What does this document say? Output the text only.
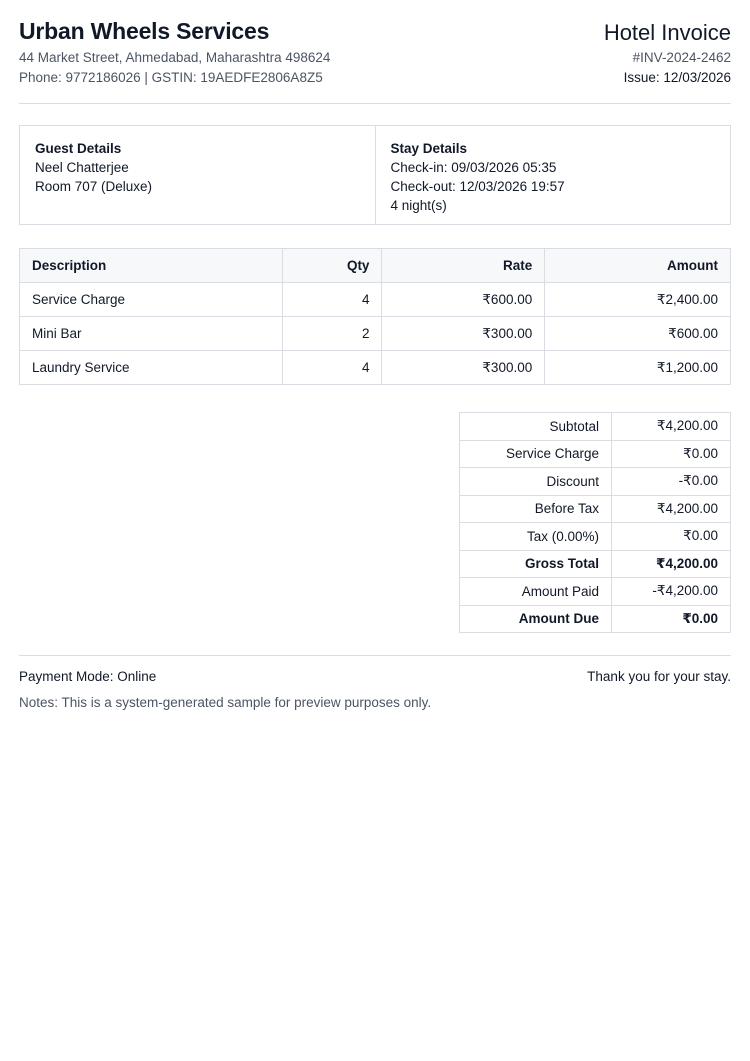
Urban Wheels Services
44 Market Street, Ahmedabad, Maharashtra 498624
Phone: 9772186026 | GSTIN: 19AEDFE2806A8Z5
Hotel Invoice
#INV-2024-2462
Issue: 12/03/2026
Guest Details
Neel Chatterjee
Room 707 (Deluxe)
Stay Details
Check-in: 09/03/2026 05:35
Check-out: 12/03/2026 19:57
4 night(s)
Description	Qty	Rate	Amount
Service Charge	4	₹600.00	₹2,400.00
Mini Bar	2	₹300.00	₹600.00
Laundry Service	4	₹300.00	₹1,200.00
Subtotal	₹4,200.00
Service Charge	₹0.00
Discount	-₹0.00
Before Tax	₹4,200.00
Tax (0.00%)	₹0.00
Gross Total	₹4,200.00
Amount Paid	-₹4,200.00
Amount Due	₹0.00
Payment Mode: Online	Thank you for your stay.
Notes: This is a system-generated sample for preview purposes only.
